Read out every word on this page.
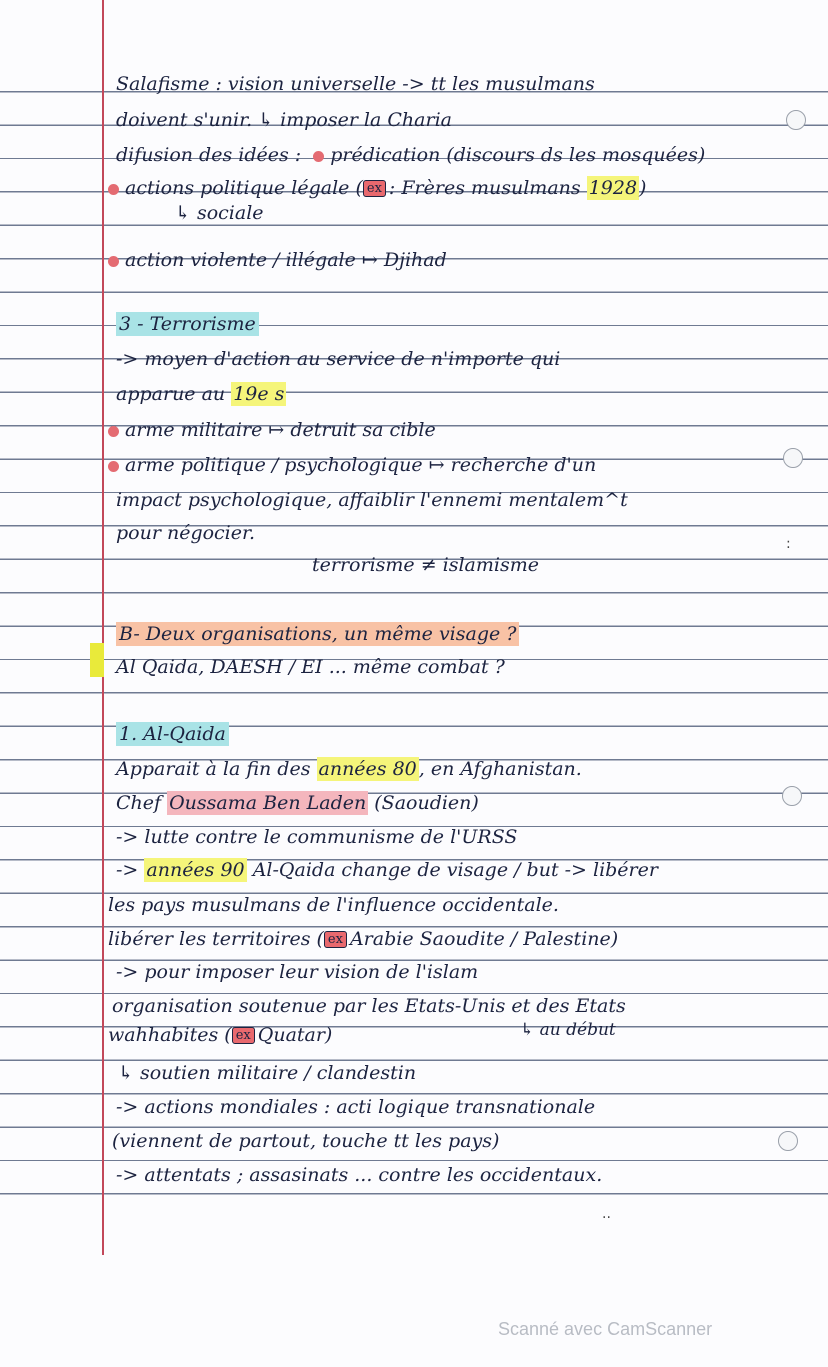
:
··
Salafisme : vision universelle -> tt les musulmans
doivent s'unir. ↳ imposer la Charia
difusion des idées : prédication (discours ds les mosquées)
actions politique légale ( ex : Frères musulmans 1928 )
↳ sociale
action violente / illégale ↦ Djihad
3 - Terrorisme
-> moyen d'action au service de n'importe qui
apparue au 19e s
arme militaire ↦ detruit sa cible
arme politique / psychologique ↦ recherche d'un
impact psychologique, affaiblir l'ennemi mentalem^t
pour négocier.
terrorisme ≠ islamisme
B- Deux organisations, un même visage ?
Al Qaida, DAESH / EI ... même combat ?
1. Al-Qaida
Apparait à la fin des années 80 , en Afghanistan.
Chef Oussama Ben Laden (Saoudien)
-> lutte contre le communisme de l'URSS
-> années 90 Al-Qaida change de visage / but -> libérer
les pays musulmans de l'influence occidentale.
libérer les territoires ( ex Arabie Saoudite / Palestine)
-> pour imposer leur vision de l'islam
organisation soutenue par les Etats-Unis et des Etats
wahhabites ( ex Quatar)	↳ au début
↳ soutien militaire / clandestin
-> actions mondiales : acti logique transnationale
(viennent de partout, touche tt les pays)
-> attentats ; assasinats ... contre les occidentaux.
Scanné avec CamScanner
